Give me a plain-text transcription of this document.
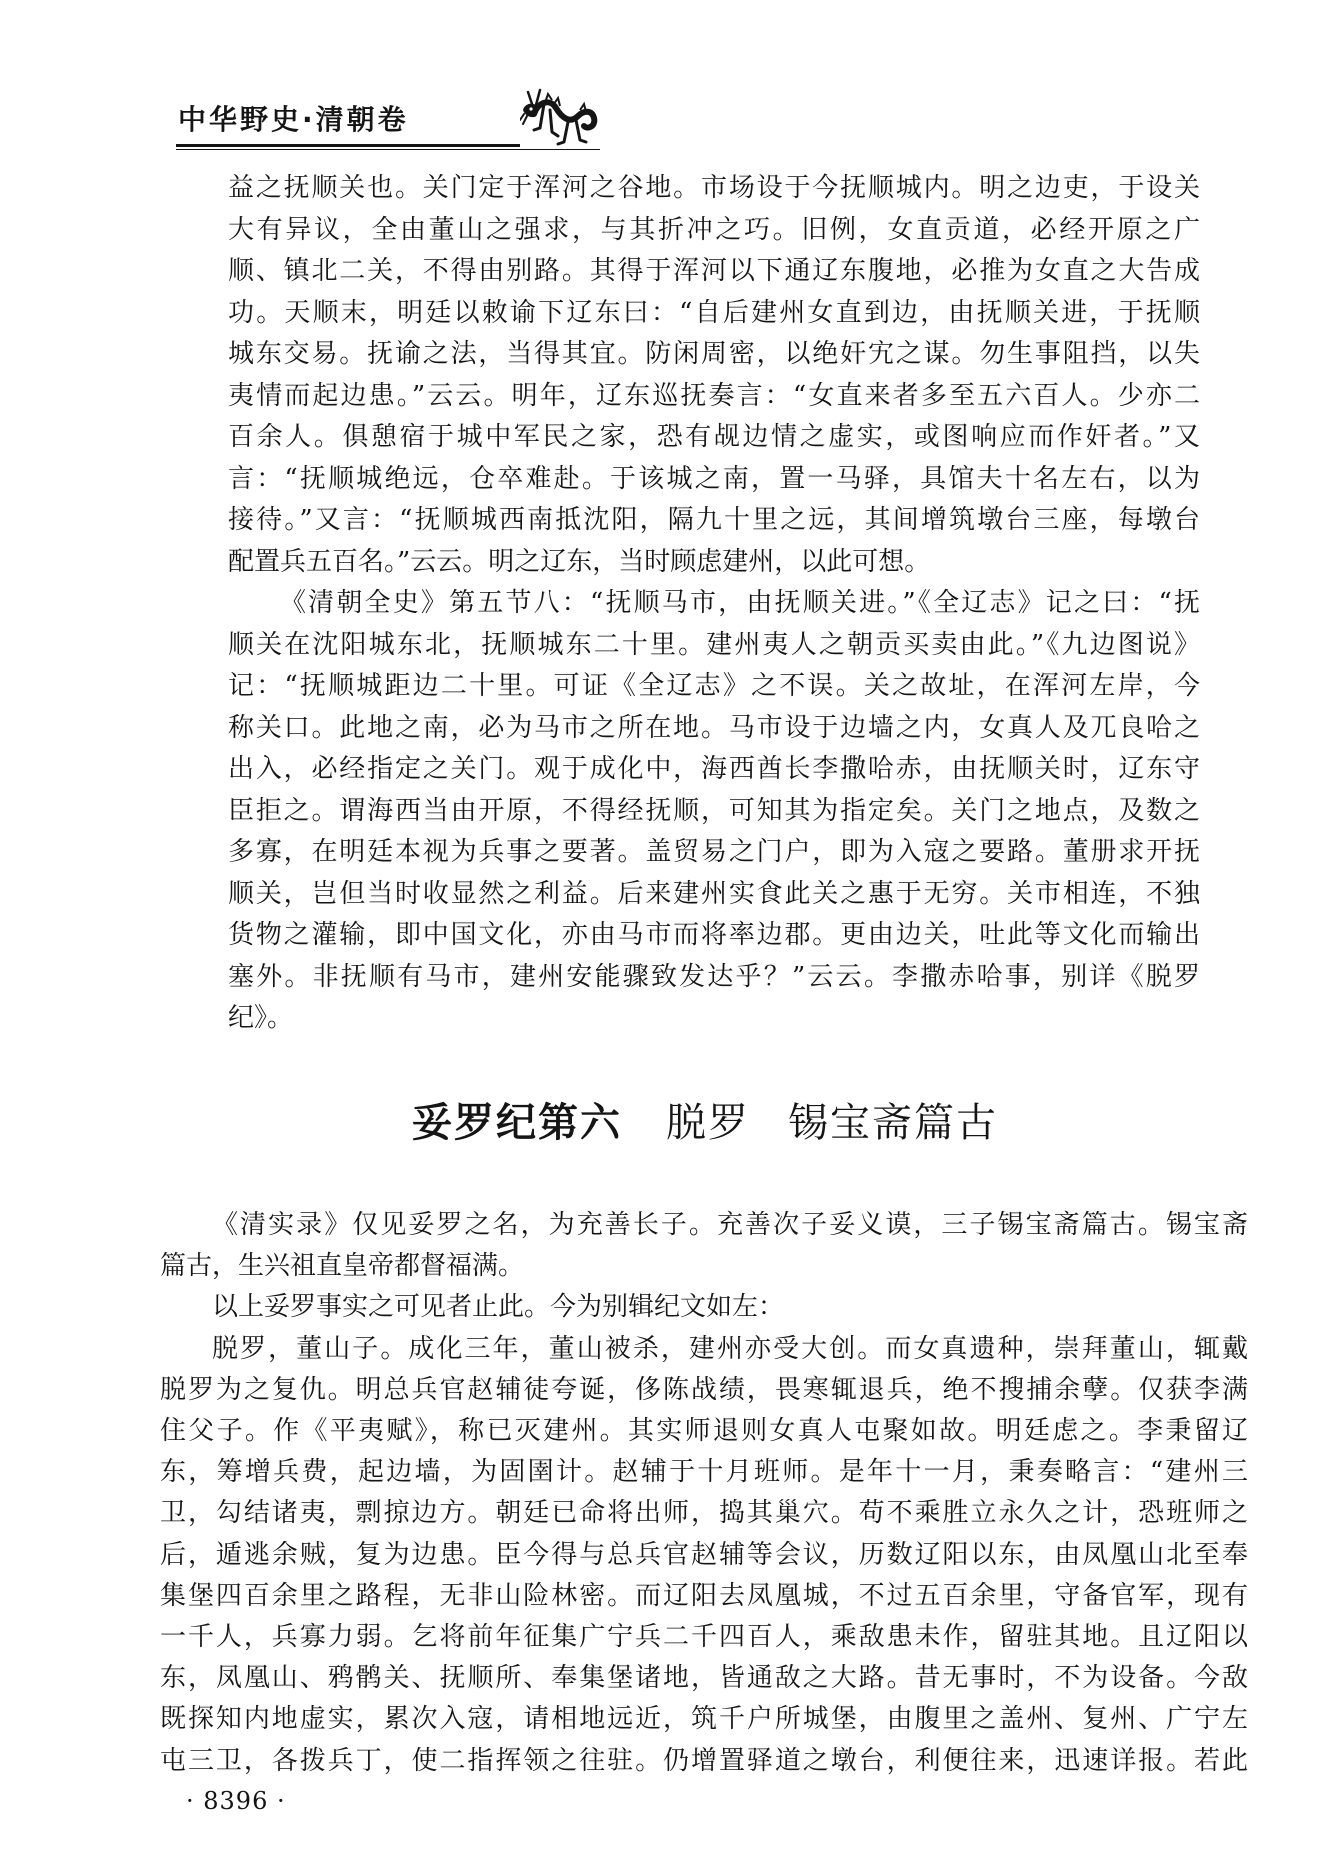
中华野史·清朝卷
益之抚顺关也。关门定于浑河之谷地。市场设于今抚顺城内。明之边吏，于设关
大有异议，全由董山之强求，与其折冲之巧。旧例，女直贡道，必经开原之广
顺、镇北二关，不得由别路。其得于浑河以下通辽东腹地，必推为女直之大告成
功。天顺末，明廷以敕谕下辽东曰：“自后建州女直到边，由抚顺关进，于抚顺
城东交易。抚谕之法，当得其宜。防闲周密，以绝奸宄之谋。勿生事阻挡，以失
夷情而起边患。”云云。明年，辽东巡抚奏言：“女直来者多至五六百人。少亦二
百余人。俱憩宿于城中军民之家，恐有觇边情之虚实，或图响应而作奸者。”又
言：“抚顺城绝远，仓卒难赴。于该城之南，置一马驿，具馆夫十名左右，以为
接待。”又言：“抚顺城西南抵沈阳，隔九十里之远，其间增筑墩台三座，每墩台
配置兵五百名。”云云。明之辽东，当时顾虑建州，以此可想。
《清朝全史》第五节八：“抚顺马市，由抚顺关进。”《全辽志》记之曰：“抚
顺关在沈阳城东北，抚顺城东二十里。建州夷人之朝贡买卖由此。”《九边图说》
记：“抚顺城距边二十里。可证《全辽志》之不误。关之故址，在浑河左岸，今
称关口。此地之南，必为马市之所在地。马市设于边墙之内，女真人及兀良哈之
出入，必经指定之关门。观于成化中，海西酋长李撒哈赤，由抚顺关时，辽东守
臣拒之。谓海西当由开原，不得经抚顺，可知其为指定矣。关门之地点，及数之
多寡，在明廷本视为兵事之要著。盖贸易之门户，即为入寇之要路。董册求开抚
顺关，岂但当时收显然之利益。后来建州实食此关之惠于无穷。关市相连，不独
货物之灌输，即中国文化，亦由马市而将率边郡。更由边关，吐此等文化而输出
塞外。非抚顺有马市，建州安能骤致发达乎？”云云。李撒赤哈事，别详《脱罗
纪》。
妥罗纪第六 脱罗 锡宝斋篇古
《清实录》仅见妥罗之名，为充善长子。充善次子妥义谟，三子锡宝斋篇古。锡宝斋
篇古，生兴祖直皇帝都督福满。
以上妥罗事实之可见者止此。今为别辑纪文如左：
脱罗，董山子。成化三年，董山被杀，建州亦受大创。而女真遗种，崇拜董山，辄戴
脱罗为之复仇。明总兵官赵辅徒夸诞，侈陈战绩，畏寒辄退兵，绝不搜捕余孽。仅获李满
住父子。作《平夷赋》，称已灭建州。其实师退则女真人屯聚如故。明廷虑之。李秉留辽
东，筹增兵费，起边墙，为固圉计。赵辅于十月班师。是年十一月，秉奏略言：“建州三
卫，勾结诸夷，剽掠边方。朝廷已命将出师，捣其巢穴。苟不乘胜立永久之计，恐班师之
后，遁逃余贼，复为边患。臣今得与总兵官赵辅等会议，历数辽阳以东，由凤凰山北至奉
集堡四百余里之路程，无非山险林密。而辽阳去凤凰城，不过五百余里，守备官军，现有
一千人，兵寡力弱。乞将前年征集广宁兵二千四百人，乘敌患未作，留驻其地。且辽阳以
东，凤凰山、鸦鹘关、抚顺所、奉集堡诸地，皆通敌之大路。昔无事时，不为设备。今敌
既探知内地虚实，累次入寇，请相地远近，筑千户所城堡，由腹里之盖州、复州、广宁左
屯三卫，各拨兵丁，使二指挥领之往驻。仍增置驿道之墩台，利便往来，迅速详报。若此
· 8396 ·
